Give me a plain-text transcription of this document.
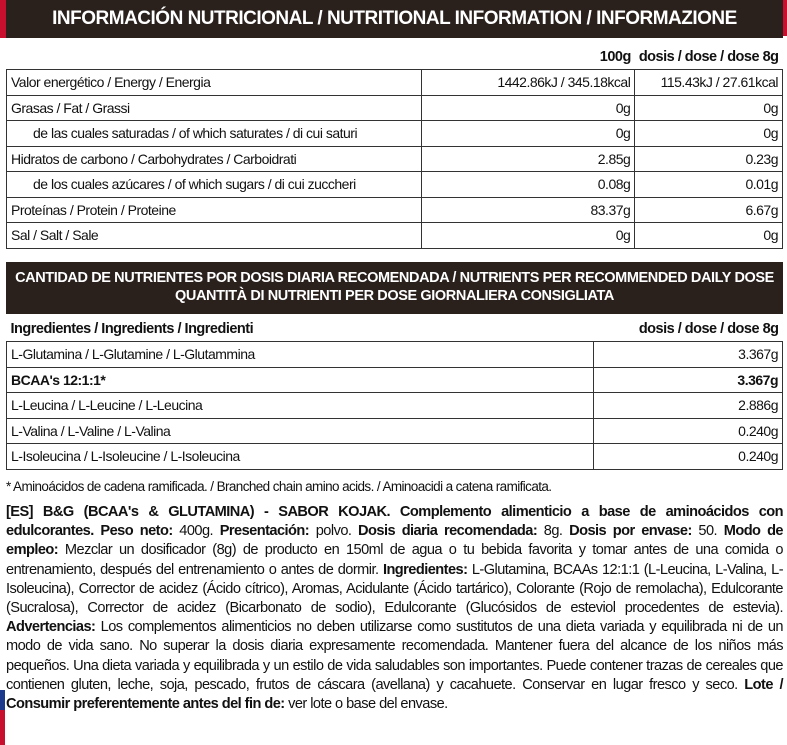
INFORMACIÓN NUTRICIONAL / NUTRITIONAL INFORMATION / INFORMAZIONE NUTRIZIONALE
		100g	dosis / dose / dose 8g
Valor energético / Energy / Energia	1442.86kJ / 345.18kcal	115.43kJ / 27.61kcal
Grasas / Fat / Grassi	0g	0g
de las cuales saturadas / of which saturates / di cui saturi	0g	0g
Hidratos de carbono / Carbohydrates / Carboidrati	2.85g	0.23g
de los cuales azúcares / of which sugars / di cui zuccheri	0.08g	0.01g
Proteínas / Protein / Proteine	83.37g	6.67g
Sal / Salt / Sale	0g	0g
CANTIDAD DE NUTRIENTES POR DOSIS DIARIA RECOMENDADA / NUTRIENTS PER RECOMMENDED DAILY DOSE
QUANTITÀ DI NUTRIENTI PER DOSE GIORNALIERA CONSIGLIATA
Ingredientes / Ingredients / Ingredienti	dosis / dose / dose 8g
L-Glutamina / L-Glutamine / L-Glutammina	3.367g
BCAA's 12:1:1*	3.367g
L-Leucina / L-Leucine / L-Leucina	2.886g
L-Valina / L-Valine / L-Valina	0.240g
L-Isoleucina / L-Isoleucine / L-Isoleucina	0.240g
* Aminoácidos de cadena ramificada. / Branched chain amino acids. / Aminoacidi a catena ramificata.
[ES] B&G (BCAA's & GLUTAMINA) - SABOR KOJAK. Complemento alimenticio a base de aminoácidos con edulcorantes. Peso neto: 400g. Presentación: polvo. Dosis diaria recomendada: 8g. Dosis por envase: 50. Modo de empleo: Mezclar un dosificador (8g) de producto en 150ml de agua o tu bebida favorita y tomar antes de una comida o entrenamiento, después del entrenamiento o antes de dormir. Ingredientes: L-Glutamina, BCAAs 12:1:1 (L-Leucina, L-Valina, L-Isoleucina), Corrector de acidez (Ácido cítrico), Aromas, Acidulante (Ácido tartárico), Colorante (Rojo de remolacha), Edulcorante (Sucralosa), Corrector de acidez (Bicarbonato de sodio), Edulcorante (Glucósidos de esteviol procedentes de estevia). Advertencias: Los complementos alimenticios no deben utilizarse como sustitutos de una dieta variada y equilibrada ni de un modo de vida sano. No superar la dosis diaria expresamente recomendada. Mantener fuera del alcance de los niños más pequeños. Una dieta variada y equilibrada y un estilo de vida saludables son importantes. Puede contener trazas de cereales que contienen gluten, leche, soja, pescado, frutos de cáscara (avellana) y cacahuete. Conservar en lugar fresco y seco. Lote / Consumir preferentemente antes del fin de: ver lote o base del envase.
